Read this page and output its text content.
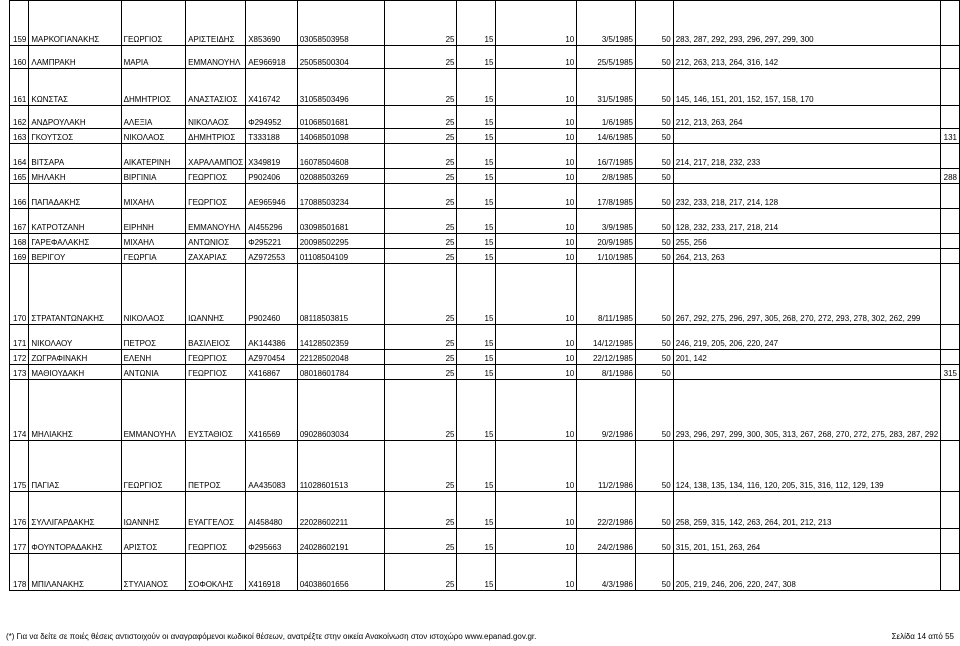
159	ΜΑΡΚΟΓΙΑΝΑΚΗΣ	ΓΕΩΡΓΙΟΣ	ΑΡΙΣΤΕΙΔΗΣ	Χ853690	03058503958	25	15	10	3/5/1985	50	283, 287, 292, 293, 296, 297, 299, 300	
160	ΛΑΜΠΡΑΚΗ	ΜΑΡΙΑ	ΕΜΜΑΝΟΥΗΛ	ΑΕ966918	25058500304	25	15	10	25/5/1985	50	212, 263, 213, 264, 316, 142	
161	ΚΩΝΣΤΑΣ	ΔΗΜΗΤΡΙΟΣ	ΑΝΑΣΤΑΣΙΟΣ	Χ416742	31058503496	25	15	10	31/5/1985	50	145, 146, 151, 201, 152, 157, 158, 170	
162	ΑΝΔΡΟΥΛΑΚΗ	ΑΛΕΞΙΑ	ΝΙΚΟΛΑΟΣ	Φ294952	01068501681	25	15	10	1/6/1985	50	212, 213, 263, 264	
163	ΓΚΟΥΤΣΟΣ	ΝΙΚΟΛΑΟΣ	ΔΗΜΗΤΡΙΟΣ	Τ333188	14068501098	25	15	10	14/6/1985	50		131
164	ΒΙΤΣΑΡΑ	ΑΙΚΑΤΕΡΙΝΗ	ΧΑΡΑΛΑΜΠΟΣ	Χ349819	16078504608	25	15	10	16/7/1985	50	214, 217, 218, 232, 233	
165	ΜΗΛΑΚΗ	ΒΙΡΓΙΝΙΑ	ΓΕΩΡΓΙΟΣ	Ρ902406	02088503269	25	15	10	2/8/1985	50		288
166	ΠΑΠΑΔΑΚΗΣ	ΜΙΧΑΗΛ	ΓΕΩΡΓΙΟΣ	ΑΕ965946	17088503234	25	15	10	17/8/1985	50	232, 233, 218, 217, 214, 128	
167	ΚΑΤΡΟΤΖΑΝΗ	ΕΙΡΗΝΗ	ΕΜΜΑΝΟΥΗΛ	ΑΙ455296	03098501681	25	15	10	3/9/1985	50	128, 232, 233, 217, 218, 214	
168	ΓΑΡΕΦΑΛΑΚΗΣ	ΜΙΧΑΗΛ	ΑΝΤΩΝΙΟΣ	Φ295221	20098502295	25	15	10	20/9/1985	50	255, 256	
169	ΒΕΡΙΓΟΥ	ΓΕΩΡΓΙΑ	ΖΑΧΑΡΙΑΣ	ΑΖ972553	01108504109	25	15	10	1/10/1985	50	264, 213, 263	
170	ΣΤΡΑΤΑΝΤΩΝΑΚΗΣ	ΝΙΚΟΛΑΟΣ	ΙΩΑΝΝΗΣ	Ρ902460	08118503815	25	15	10	8/11/1985	50	267, 292, 275, 296, 297, 305, 268, 270, 272, 293, 278, 302, 262, 299	
171	ΝΙΚΟΛΑΟΥ	ΠΕΤΡΟΣ	ΒΑΣΙΛΕΙΟΣ	ΑΚ144386	14128502359	25	15	10	14/12/1985	50	246, 219, 205, 206, 220, 247	
172	ΖΩΓΡΑΦΙΝΑΚΗ	ΕΛΕΝΗ	ΓΕΩΡΓΙΟΣ	ΑΖ970454	22128502048	25	15	10	22/12/1985	50	201, 142	
173	ΜΑΘΙΟΥΔΑΚΗ	ΑΝΤΩΝΙΑ	ΓΕΩΡΓΙΟΣ	Χ416867	08018601784	25	15	10	8/1/1986	50		315
174	ΜΗΛΙΑΚΗΣ	ΕΜΜΑΝΟΥΗΛ	ΕΥΣΤΑΘΙΟΣ	Χ416569	09028603034	25	15	10	9/2/1986	50	293, 296, 297, 299, 300, 305, 313, 267, 268, 270, 272, 275, 283, 287, 292	
175	ΠΑΓΙΑΣ	ΓΕΩΡΓΙΟΣ	ΠΕΤΡΟΣ	ΑΑ435083	11028601513	25	15	10	11/2/1986	50	124, 138, 135, 134, 116, 120, 205, 315, 316, 112, 129, 139	
176	ΣΥΛΛΙΓΑΡΔΑΚΗΣ	ΙΩΑΝΝΗΣ	ΕΥΑΓΓΕΛΟΣ	ΑΙ458480	22028602211	25	15	10	22/2/1986	50	258, 259, 315, 142, 263, 264, 201, 212, 213	
177	ΦΟΥΝΤΟΡΑΔΑΚΗΣ	ΑΡΙΣΤΟΣ	ΓΕΩΡΓΙΟΣ	Φ295663	24028602191	25	15	10	24/2/1986	50	315, 201, 151, 263, 264	
178	ΜΠΙΛΑΝΑΚΗΣ	ΣΤΥΛΙΑΝΟΣ	ΣΟΦΟΚΛΗΣ	Χ416918	04038601656	25	15	10	4/3/1986	50	205, 219, 246, 206, 220, 247, 308	
(*) Για να δείτε σε ποιές θέσεις αντιστοιχούν οι αναγραφόμενοι κωδικοί θέσεων, ανατρέξτε στην οικεία Ανακοίνωση στον ιστοχώρο www.epanad.gov.gr.	Σελίδα 14 από 55
